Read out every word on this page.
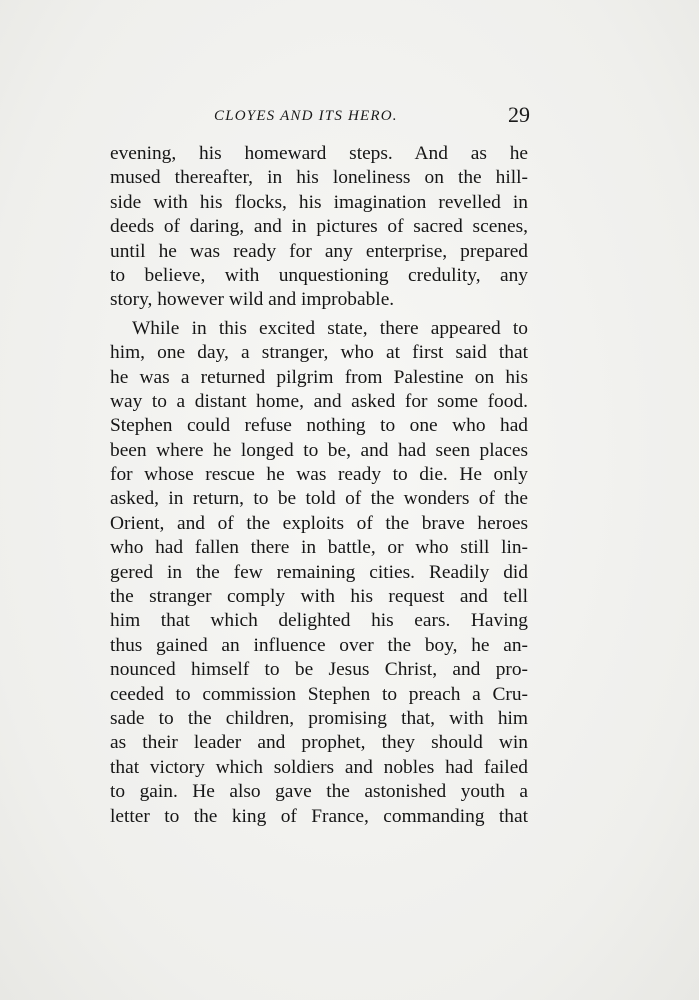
CLOYES AND ITS HERO.	29
evening, his homeward steps. And as he
mused thereafter, in his loneliness on the hill-
side with his flocks, his imagination revelled in
deeds of daring, and in pictures of sacred scenes,
until he was ready for any enterprise, prepared
to believe, with unquestioning credulity, any
story, however wild and improbable.
While in this excited state, there appeared to
him, one day, a stranger, who at first said that
he was a returned pilgrim from Palestine on his
way to a distant home, and asked for some food.
Stephen could refuse nothing to one who had
been where he longed to be, and had seen places
for whose rescue he was ready to die. He only
asked, in return, to be told of the wonders of the
Orient, and of the exploits of the brave heroes
who had fallen there in battle, or who still lin-
gered in the few remaining cities. Readily did
the stranger comply with his request and tell
him that which delighted his ears. Having
thus gained an influence over the boy, he an-
nounced himself to be Jesus Christ, and pro-
ceeded to commission Stephen to preach a Cru-
sade to the children, promising that, with him
as their leader and prophet, they should win
that victory which soldiers and nobles had failed
to gain. He also gave the astonished youth a
letter to the king of France, commanding that
